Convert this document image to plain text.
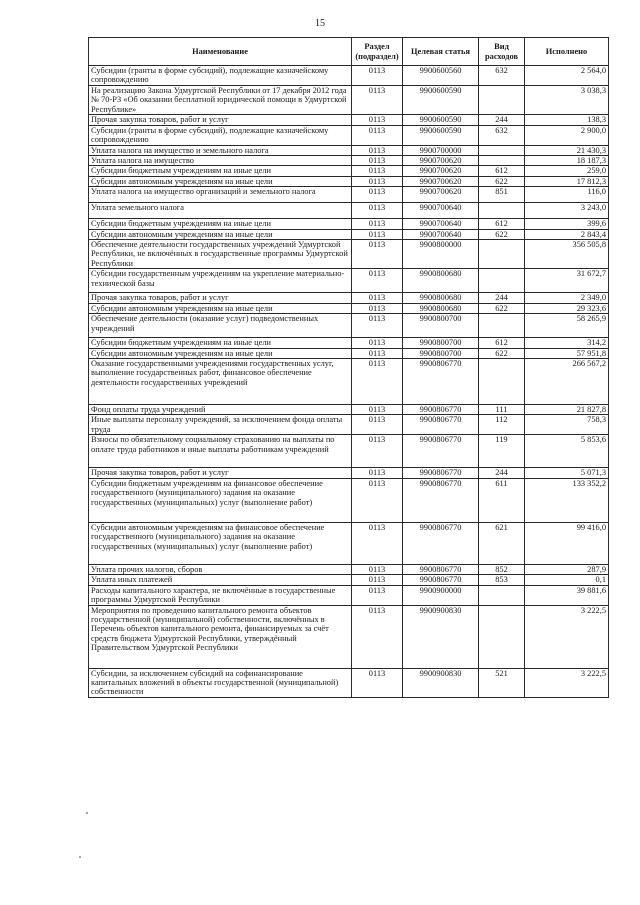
15
Наименование	Раздел (подраздел)	Целевая статья	Вид расходов	Исполнено
Субсидии (гранты в форме субсидий), подлежащие казначейскому сопровождению	0113	9900600560	632	2 564,0
На реализацию Закона Удмуртской Республики от 17 декабря 2012 года № 70-РЗ «Об оказании бесплатной юридической помощи в Удмуртской Республике»	0113	9900600590		3 038,3
Прочая закупка товаров, работ и услуг	0113	9900600590	244	138,3
Субсидии (гранты в форме субсидий), подлежащие казначейскому сопровождению	0113	9900600590	632	2 900,0
Уплата налога на имущество и земельного налога	0113	9900700000		21 430,3
Уплата налога на имущество	0113	9900700620		18 187,3
Субсидии бюджетным учреждениям на иные цели	0113	9900700620	612	259,0
Субсидии автономным учреждениям на иные цели	0113	9900700620	622	17 812,3
Уплата налога на имущество организаций и земельного налога	0113	9900700620	851	116,0
Уплата земельного налога	0113	9900700640		3 243,0
Субсидии бюджетным учреждениям на иные цели	0113	9900700640	612	399,6
Субсидии автономным учреждениям на иные цели	0113	9900700640	622	2 843,4
Обеспечение деятельности государственных учреждений Удмуртской Республики, не включённых в государственные программы Удмуртской Республики	0113	9900800000		356 505,8
Субсидии государственным учреждениям на укрепление материально-технической базы	0113	9900800680		31 672,7
Прочая закупка товаров, работ и услуг	0113	9900800680	244	2 349,0
Субсидии автономным учреждениям на иные цели	0113	9900800680	622	29 323,6
Обеспечение деятельности (оказание услуг) подведомственных учреждений	0113	9900800700		58 265,9
Субсидии бюджетным учреждениям на иные цели	0113	9900800700	612	314,2
Субсидии автономным учреждениям на иные цели	0113	9900800700	622	57 951,8
Оказание государственными учреждениями государственных услуг, выполнение государственных работ, финансовое обеспечение деятельности государственных учреждений	0113	9900806770		266 567,2
Фонд оплаты труда учреждений	0113	9900806770	111	21 827,8
Иные выплаты персоналу учреждений, за исключением фонда оплаты труда	0113	9900806770	112	758,3
Взносы по обязательному социальному страхованию на выплаты по оплате труда работников и иные выплаты работникам учреждений	0113	9900806770	119	5 853,6
Прочая закупка товаров, работ и услуг	0113	9900806770	244	5 071,3
Субсидии бюджетным учреждениям на финансовое обеспечение государственного (муниципального) задания на оказание государственных (муниципальных) услуг (выполнение работ)	0113	9900806770	611	133 352,2
Субсидии автономным учреждениям на финансовое обеспечение государственного (муниципального) задания на оказание государственных (муниципальных) услуг (выполнение работ)	0113	9900806770	621	99 416,0
Уплата прочих налогов, сборов	0113	9900806770	852	287,9
Уплата иных платежей	0113	9900806770	853	0,1
Расходы капитального характера, не включённые в государственные программы Удмуртской Республики	0113	9900900000		39 881,6
Мероприятия по проведению капитального ремонта объектов государственной (муниципальной) собственности, включённых в Перечень объектов капитального ремонта, финансируемых за счёт средств бюджета Удмуртской Республики, утверждённый Правительством Удмуртской Республики	0113	9900900830		3 222,5
Субсидии, за исключением субсидий на софинансирование капитальных вложений в объекты государственной (муниципальной) собственности	0113	9900900830	521	3 222,5
